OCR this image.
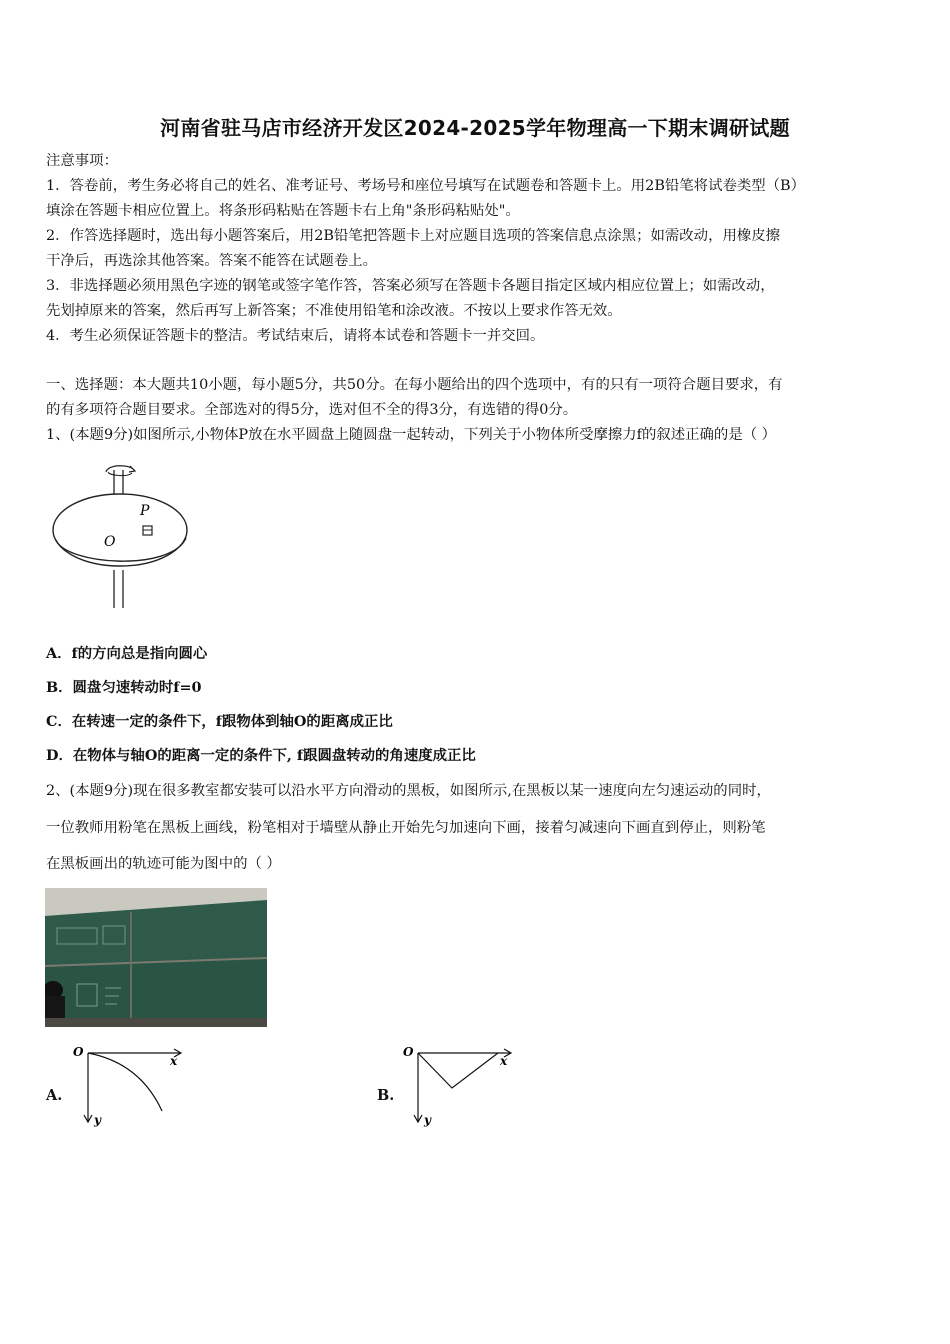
河南省驻马店市经济开发区2024-2025学年物理高一下期末调研试题
注意事项：
1．答卷前，考生务必将自己的姓名、准考证号、考场号和座位号填写在试题卷和答题卡上。用2B铅笔将试卷类型（B）
填涂在答题卡相应位置上。将条形码粘贴在答题卡右上角"条形码粘贴处"。
2．作答选择题时，选出每小题答案后，用2B铅笔把答题卡上对应题目选项的答案信息点涂黑；如需改动，用橡皮擦
干净后，再选涂其他答案。答案不能答在试题卷上。
3．非选择题必须用黑色字迹的钢笔或签字笔作答，答案必须写在答题卡各题目指定区域内相应位置上；如需改动，
先划掉原来的答案，然后再写上新答案；不准使用铅笔和涂改液。不按以上要求作答无效。
4．考生必须保证答题卡的整洁。考试结束后，请将本试卷和答题卡一并交回。
一、选择题：本大题共10小题，每小题5分，共50分。在每小题给出的四个选项中，有的只有一项符合题目要求，有
的有多项符合题目要求。全部选对的得5分，选对但不全的得3分，有选错的得0分。
1、(本题9分)如图所示,小物体P放在水平圆盘上随圆盘一起转动，下列关于小物体所受摩擦力f的叙述正确的是（ ）
P
O
A．f的方向总是指向圆心
B．圆盘匀速转动时f=0
C．在转速一定的条件下，f跟物体到轴O的距离成正比
D．在物体与轴O的距离一定的条件下, f跟圆盘转动的角速度成正比
2、(本题9分)现在很多教室都安装可以沿水平方向滑动的黑板，如图所示,在黑板以某一速度向左匀速运动的同时，
一位教师用粉笔在黑板上画线，粉笔相对于墙壁从静止开始先匀加速向下画，接着匀减速向下画直到停止，则粉笔
在黑板画出的轨迹可能为图中的（ ）
A.
O
x
y
B.
O
x
y
